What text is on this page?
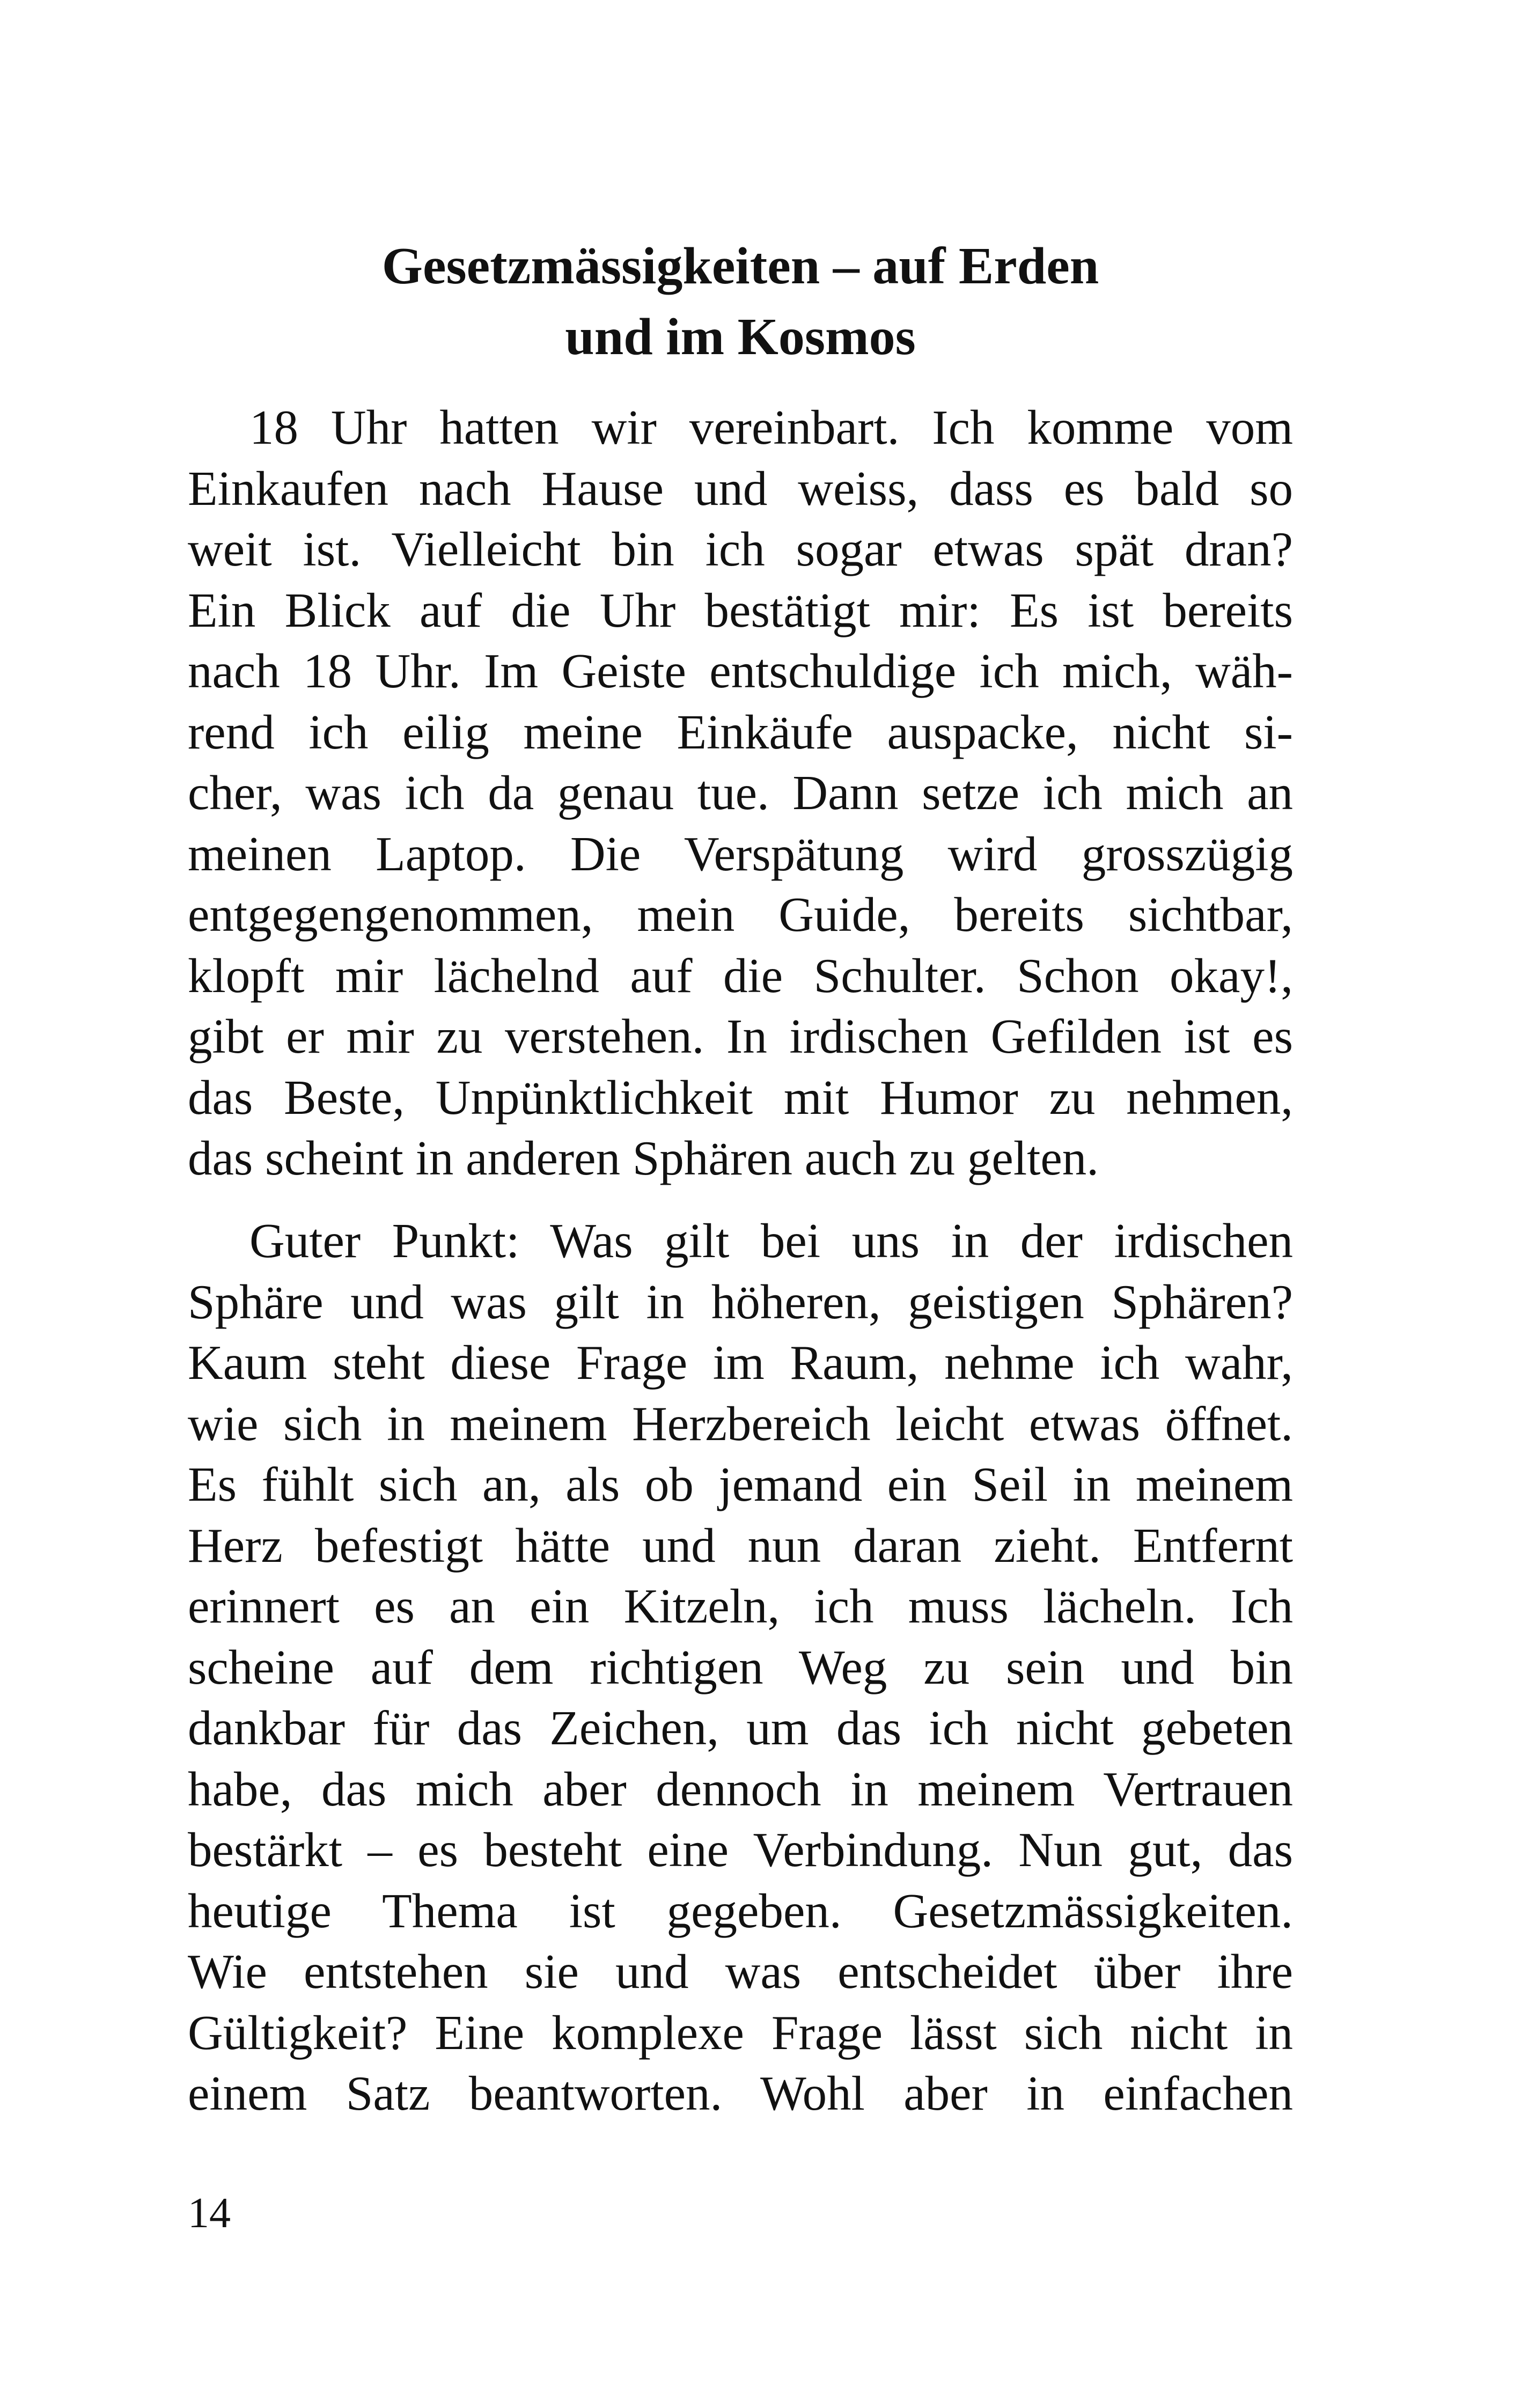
Gesetzmässigkeiten – auf Erden
und im Kosmos
18 Uhr hatten wir vereinbart. Ich komme vom
Einkaufen nach Hause und weiss, dass es bald so
weit ist. Vielleicht bin ich sogar etwas spät dran?
Ein Blick auf die Uhr bestätigt mir: Es ist bereits
nach 18 Uhr. Im Geiste entschuldige ich mich, wäh-
rend ich eilig meine Einkäufe auspacke, nicht si-
cher, was ich da genau tue. Dann setze ich mich an
meinen Laptop. Die Verspätung wird grosszügig
entgegengenommen, mein Guide, bereits sichtbar,
klopft mir lächelnd auf die Schulter. Schon okay!,
gibt er mir zu verstehen. In irdischen Gefilden ist es
das Beste, Unpünktlichkeit mit Humor zu nehmen,
das scheint in anderen Sphären auch zu gelten.
Guter Punkt: Was gilt bei uns in der irdischen
Sphäre und was gilt in höheren, geistigen Sphären?
Kaum steht diese Frage im Raum, nehme ich wahr,
wie sich in meinem Herzbereich leicht etwas öffnet.
Es fühlt sich an, als ob jemand ein Seil in meinem
Herz befestigt hätte und nun daran zieht. Entfernt
erinnert es an ein Kitzeln, ich muss lächeln. Ich
scheine auf dem richtigen Weg zu sein und bin
dankbar für das Zeichen, um das ich nicht gebeten
habe, das mich aber dennoch in meinem Vertrauen
bestärkt – es besteht eine Verbindung. Nun gut, das
heutige Thema ist gegeben. Gesetzmässigkeiten.
Wie entstehen sie und was entscheidet über ihre
Gültigkeit? Eine komplexe Frage lässt sich nicht in
einem Satz beantworten. Wohl aber in einfachen
14
